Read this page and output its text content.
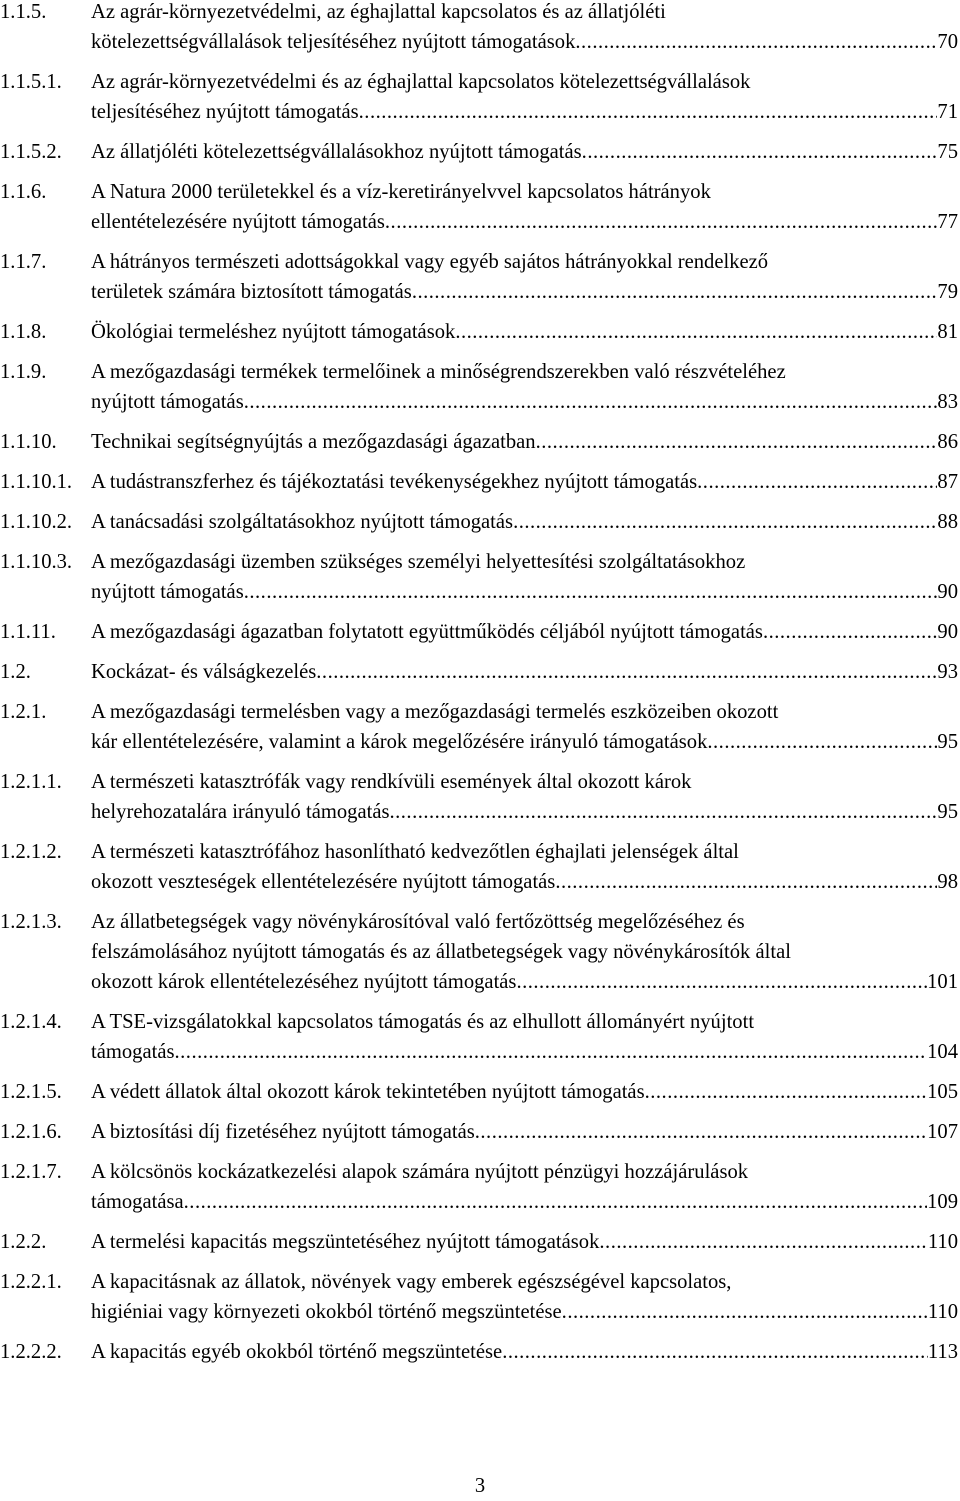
1.1.5.	Az agrár-környezetvédelmi, az éghajlattal kapcsolatos és az állatjóléti
kötelezettségvállalások teljesítéséhez nyújtott támogatások .....	70
1.1.5.1.	Az agrár-környezetvédelmi és az éghajlattal kapcsolatos kötelezettségvállalások
teljesítéséhez nyújtott támogatás .....	71
1.1.5.2.	Az állatjóléti kötelezettségvállalásokhoz nyújtott támogatás .....	75
1.1.6.	A Natura 2000 területekkel és a víz-keretirányelvvel kapcsolatos hátrányok
ellentételezésére nyújtott támogatás .....	77
1.1.7.	A hátrányos természeti adottságokkal vagy egyéb sajátos hátrányokkal rendelkező
területek számára biztosított támogatás .....	79
1.1.8.	Ökológiai termeléshez nyújtott támogatások .....	81
1.1.9.	A mezőgazdasági termékek termelőinek a minőségrendszerekben való részvételéhez
nyújtott támogatás .....	83
1.1.10.	Technikai segítségnyújtás a mezőgazdasági ágazatban .....	86
1.1.10.1. A tudástranszferhez és tájékoztatási tevékenységekhez nyújtott támogatás .....	87
1.1.10.2. A tanácsadási szolgáltatásokhoz nyújtott támogatás .....	88
1.1.10.3. A mezőgazdasági üzemben szükséges személyi helyettesítési szolgáltatásokhoz
nyújtott támogatás .....	90
1.1.11.	A mezőgazdasági ágazatban folytatott együttműködés céljából nyújtott támogatás .....	90
1.2.	Kockázat- és válságkezelés .....	93
1.2.1.	A mezőgazdasági termelésben vagy a mezőgazdasági termelés eszközeiben okozott
kár ellentételezésére, valamint a károk megelőzésére irányuló támogatások .....	95
1.2.1.1.	A természeti katasztrófák vagy rendkívüli események által okozott károk
helyrehozatalára irányuló támogatás .....	95
1.2.1.2.	A természeti katasztrófához hasonlítható kedvezőtlen éghajlati jelenségek által
okozott veszteségek ellentételezésére nyújtott támogatás .....	98
1.2.1.3.	Az állatbetegségek vagy növénykárosítóval való fertőzöttség megelőzéséhez és
felszámolásához nyújtott támogatás és az állatbetegségek vagy növénykárosítók által
okozott károk ellentételezéséhez nyújtott támogatás .....	101
1.2.1.4.	A TSE-vizsgálatokkal kapcsolatos támogatás és az elhullott állományért nyújtott
támogatás .....	104
1.2.1.5.	A védett állatok által okozott károk tekintetében nyújtott támogatás .....	105
1.2.1.6.	A biztosítási díj fizetéséhez nyújtott támogatás .....	107
1.2.1.7.	A kölcsönös kockázatkezelési alapok számára nyújtott pénzügyi hozzájárulások
támogatása .....	109
1.2.2.	A termelési kapacitás megszüntetéséhez nyújtott támogatások .....	110
1.2.2.1.	A kapacitásnak az állatok, növények vagy emberek egészségével kapcsolatos,
higiéniai vagy környezeti okokból történő megszüntetése .....	110
1.2.2.2.	A kapacitás egyéb okokból történő megszüntetése .....	113
3
